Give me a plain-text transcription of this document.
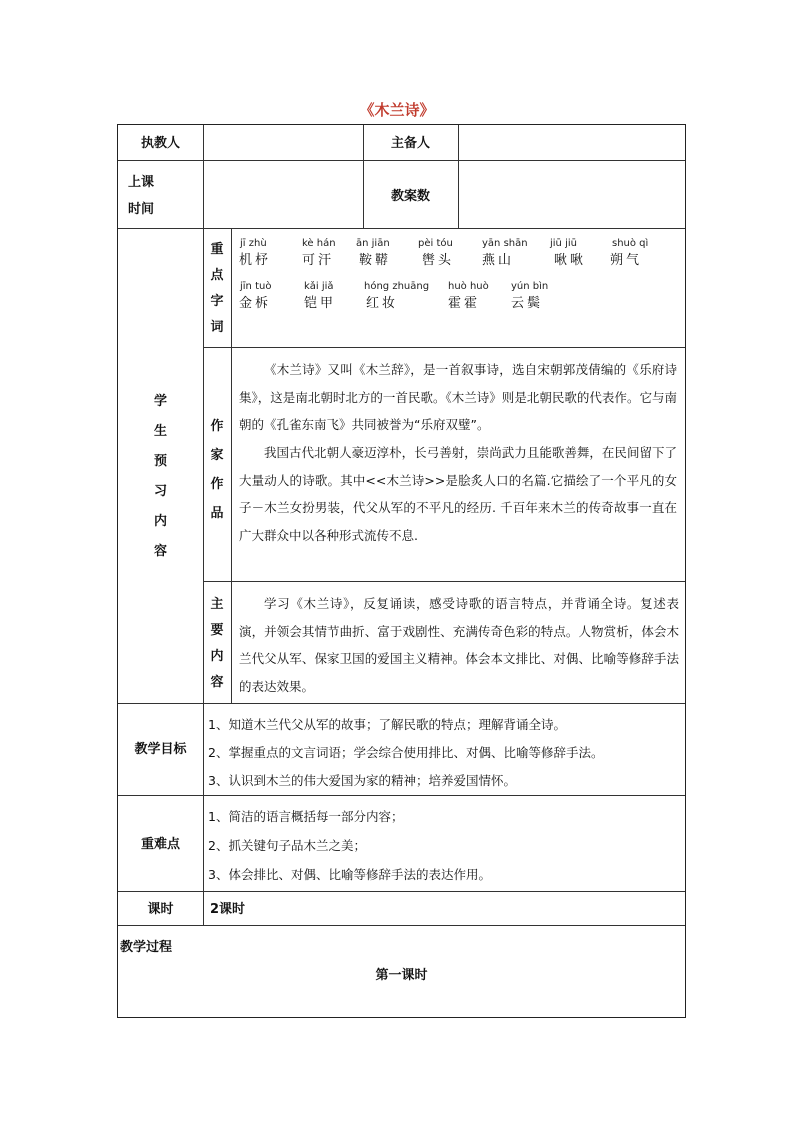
《木兰诗》
执教人	主备人
上课
时间
教案数
学
生
预
习
内
容
重
点
字
词
jī zhù
机杼
kè hán
可汗
ān jiān
鞍鞯
pèi tóu
辔头
yān shān
燕山
jiū jiū
啾啾
shuò qì
朔气
jīn tuò
金柝
kǎi jiǎ
铠甲
hóng zhuāng
红妆
huò huò
霍霍
yún bìn
云鬓
作
家
作
品
《木兰诗》又叫《木兰辞》，是一首叙事诗，选自宋朝郭茂倩编的《乐府诗集》，这是南北朝时北方的一首民歌。《木兰诗》则是北朝民歌的代表作。它与南朝的《孔雀东南飞》共同被誉为“乐府双璧”。
我国古代北朝人豪迈淳朴，长弓善射，崇尚武力且能歌善舞，在民间留下了大量动人的诗歌。其中<<木兰诗>>是脍炙人口的名篇.它描绘了一个平凡的女子－木兰女扮男装，代父从军的不平凡的经历. 千百年来木兰的传奇故事一直在广大群众中以各种形式流传不息.
主
要
内
容
学习《木兰诗》，反复诵读，感受诗歌的语言特点，并背诵全诗。复述表演，并领会其情节曲折、富于戏剧性、充满传奇色彩的特点。人物赏析，体会木兰代父从军、保家卫国的爱国主义精神。体会本文排比、对偶、比喻等修辞手法的表达效果。
教学目标
1、知道木兰代父从军的故事；了解民歌的特点；理解背诵全诗。
2、掌握重点的文言词语；学会综合使用排比、对偶、比喻等修辞手法。
3、认识到木兰的伟大爱国为家的精神；培养爱国情怀。
重难点
1、简洁的语言概括每一部分内容；
2、抓关键句子品木兰之美；
3、体会排比、对偶、比喻等修辞手法的表达作用。
课时	2课时
教学过程
第一课时
